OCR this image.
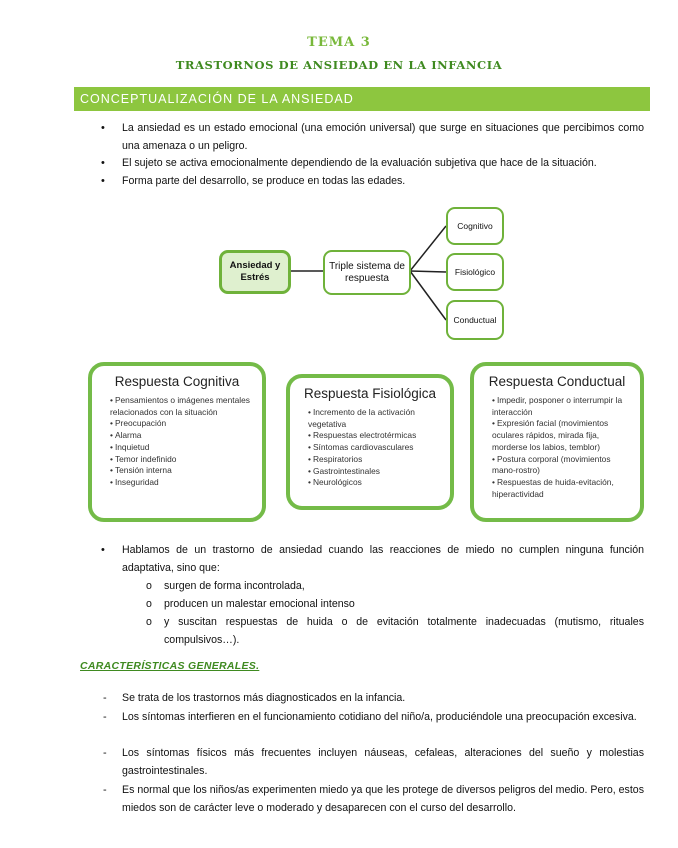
TEMA 3
TRASTORNOS DE ANSIEDAD EN LA INFANCIA
CONCEPTUALIZACIÓN DE LA ANSIEDAD
• La ansiedad es un estado emocional (una emoción universal) que surge en situaciones que percibimos como una amenaza o un peligro.
• El sujeto se activa emocionalmente dependiendo de la evaluación subjetiva que hace de la situación.
• Forma parte del desarrollo, se produce en todas las edades.
Ansiedad y Estrés
Triple sistema de respuesta
Cognitivo
Fisiológico
Conductual
Respuesta Cognitiva
• Pensamientos o imágenes mentales relacionados con la situación
• Preocupación
• Alarma
• Inquietud
• Temor indefinido
• Tensión interna
• Inseguridad
Respuesta Fisiológica
• Incremento de la activación vegetativa
• Respuestas electrotérmicas
• Síntomas cardiovasculares
• Respiratorios
• Gastrointestinales
• Neurológicos
Respuesta Conductual
• Impedir, posponer o interrumpir la interacción
• Expresión facial (movimientos oculares rápidos, mirada fija, morderse los labios, temblor)
• Postura corporal (movimientos mano-rostro)
• Respuestas de huida-evitación, hiperactividad
• Hablamos de un trastorno de ansiedad cuando las reacciones de miedo no cumplen ninguna función adaptativa, sino que:
o surgen de forma incontrolada,
o producen un malestar emocional intenso
o y suscitan respuestas de huida o de evitación totalmente inadecuadas (mutismo, rituales compulsivos…).
CARACTERÍSTICAS GENERALES.
- Se trata de los trastornos más diagnosticados en la infancia.
- Los síntomas interfieren en el funcionamiento cotidiano del niño/a, produciéndole una preocupación excesiva.
- Los síntomas físicos más frecuentes incluyen náuseas, cefaleas, alteraciones del sueño y molestias gastrointestinales.
- Es normal que los niños/as experimenten miedo ya que les protege de diversos peligros del medio. Pero, estos miedos son de carácter leve o moderado y desaparecen con el curso del desarrollo.
